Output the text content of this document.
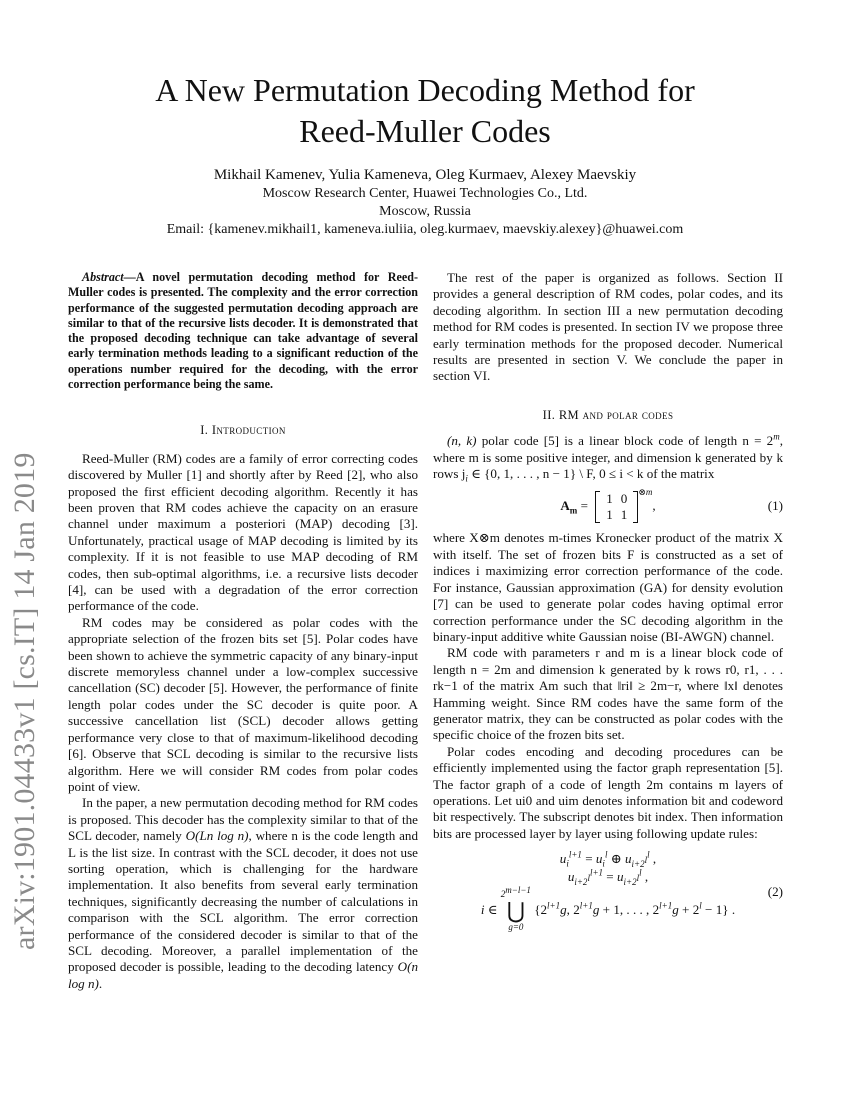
A New Permutation Decoding Method for
Reed-Muller Codes
Mikhail Kamenev, Yulia Kameneva, Oleg Kurmaev, Alexey Maevskiy
Moscow Research Center, Huawei Technologies Co., Ltd.
Moscow, Russia
Email: {kamenev.mikhail1, kameneva.iuliia, oleg.kurmaev, maevskiy.alexey}@huawei.com
arXiv:1901.04433v1 [cs.IT] 14 Jan 2019

Abstract—A novel permutation decoding method for Reed-Muller codes is presented. The complexity and the error correction performance of the suggested permutation decoding approach are similar to that of the recursive lists decoder. It is demonstrated that the proposed decoding technique can take advantage of several early termination methods leading to a significant reduction of the operations number required for the decoding, with the error correction performance being the same.

I. Introduction

Reed-Muller (RM) codes are a family of error correcting codes discovered by Muller [1] and shortly after by Reed [2], who also proposed the first efficient decoding algorithm. Recently it has been proven that RM codes achieve the capacity on an erasure channel under maximum a posteriori (MAP) decoding [3]. Unfortunately, practical usage of MAP decoding is limited by its complexity. If it is not feasible to use MAP decoding of RM codes, then sub-optimal algorithms, i.e. a recursive lists decoder [4], can be used with a degradation of the error correction performance of the code.

RM codes may be considered as polar codes with the appropriate selection of the frozen bits set [5]. Polar codes have been shown to achieve the symmetric capacity of any binary-input discrete memoryless channel under a low-complex successive cancellation (SC) decoder [5]. However, the performance of finite length polar codes under the SC decoder is quite poor. A successive cancellation list (SCL) decoder allows getting performance very close to that of maximum-likelihood decoding [6]. Observe that SCL decoding is similar to the recursive lists algorithm. Here we will consider RM codes from polar codes point of view.

In the paper, a new permutation decoding method for RM codes is proposed. This decoder has the complexity similar to that of the SCL decoder, namely O(Ln log n), where n is the code length and L is the list size. In contrast with the SCL decoder, it does not use sorting operation, which is challenging for the hardware implementation. It also benefits from several early termination techniques, significantly decreasing the number of calculations in comparison with the SCL algorithm. The error correction performance of the considered decoder is similar to that of the SCL decoding. Moreover, a parallel implementation of the proposed decoder is possible, leading to the decoding latency O(n log n).

The rest of the paper is organized as follows. Section II provides a general description of RM codes, polar codes, and its decoding algorithm. In section III a new permutation decoding method for RM codes is presented. In section IV we propose three early termination methods for the proposed decoder. Numerical results are presented in section V. We conclude the paper in section VI.

II. RM and polar codes

(n, k) polar code [5] is a linear block code of length $n = 2^m$, where m is some positive integer, and dimension k generated by k rows $j_i$ ∈ {0, 1, . . . , n − 1} \ F, 0 ≤ i < k of the matrix

$A_m = 1$	0
1	1
$^{\otimes m}$,	(1)

where X⊗m denotes m-times Kronecker product of the matrix X with itself. The set of frozen bits F is constructed as a set of indices i maximizing error correction performance of the code. For instance, Gaussian approximation (GA) for density evolution [7] can be used to generate polar codes having optimal error correction performance under the SC decoding algorithm in the binary-input additive white Gaussian noise (BI-AWGN) channel.

RM code with parameters r and m is a linear block code of length n = 2m and dimension k generated by k rows r0, r1, . . . rk−1 of the matrix Am such that ‖ri‖ ≥ 2m−r, where ‖x‖ denotes Hamming weight. Since RM codes have the same form of the generator matrix, they can be constructed as polar codes with the specific choice of the frozen bits set.

Polar codes encoding and decoding procedures can be efficiently implemented using the factor graph representation [5]. The factor graph of a code of length 2m contains m layers of operations. Let ui0 and uim denotes information bit and codeword bit respectively. The subscript denotes bit index. Then information bits are processed layer by layer using following update rules:

$u_i^{l+1} = u_i^l$ ⊕ $u_{i+2^l}^l$ ,
$u_{i+2^l}^{l+1} = u_{i+2^l}^l$ ,
i ∈
$2^{m-l-1}$
⋃
g=0
{$2^{l+1}g$, $2^{l+1}g + 1$, . . . , $2^{l+1}g + 2^l - 1$} .
(2)
